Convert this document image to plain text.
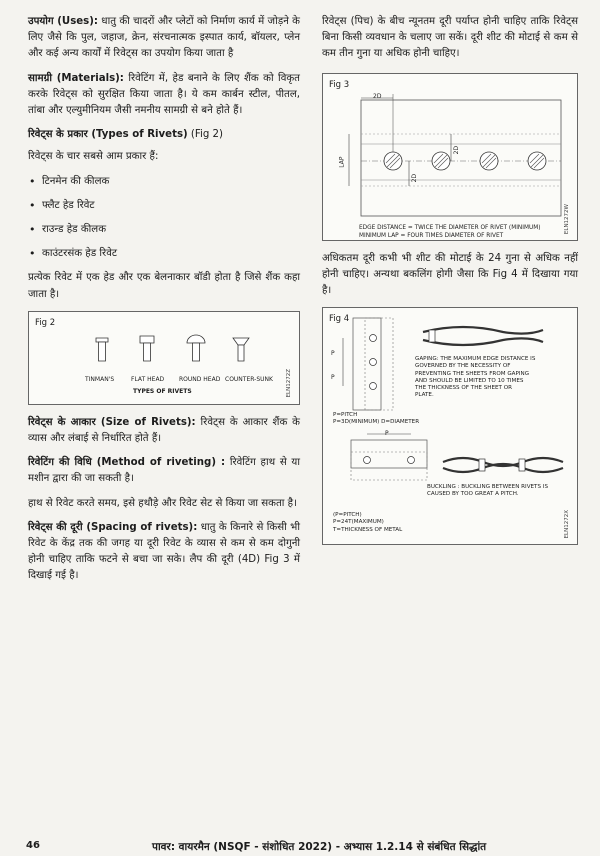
उपयोग (Uses): धातु की चादरों और प्लेटों को निर्माण कार्य में जोड़ने के लिए जैसे कि पुल, जहाज, क्रेन, संरचनात्मक इस्पात कार्य, बॉयलर, प्लेन और कई अन्य कार्यों में रिवेट्स का उपयोग किया जाता है

सामग्री (Materials): रिवेटिंग में, हेड बनाने के लिए शैंक को विकृत करके रिवेट्स को सुरक्षित किया जाता है। ये कम कार्बन स्टील, पीतल, तांबा और एल्युमीनियम जैसी नमनीय सामग्री से बने होते हैं।

रिवेट्स के प्रकार (Types of Rivets) (Fig 2)

रिवेट्स के चार सबसे आम प्रकार हैं:

• टिनमेन की कीलक
• फ्लैट हेड रिवेट
• राउन्ड हेड कीलक
• काउंटरसंक हेड रिवेट

प्रत्येक रिवेट में एक हेड और एक बेलनाकार बॉडी होता है जिसे शैंक कहा जाता है।

Fig 2
TINMAN'S	FLAT HEAD ROUND HEAD COUNTER-SUNK
TYPES OF RIVETS	ELN1272Z

रिवेट्स के आकार (Size of Rivets): रिवेट्स के आकार शैंक के व्यास और लंबाई से निर्धारित होते हैं।

रिवेटिंग की विधि (Method of riveting) : रिवेटिंग हाथ से या मशीन द्वारा की जा सकती है।

हाथ से रिवेट करते समय, इसे हथौड़े और रिवेट सेट से किया जा सकता है।

रिवेट्स की दूरी (Spacing of rivets): धातु के किनारे से किसी भी रिवेट के केंद्र तक की जगह या दूरी रिवेट के व्यास से कम से कम दोगुनी होनी चाहिए ताकि फटने से बचा जा सके। लैप की दूरी (4D) Fig 3 में दिखाई गई है।

रिवेट्स (पिच) के बीच न्यूनतम दूरी पर्याप्त होनी चाहिए ताकि रिवेट्स बिना किसी व्यवधान के चलाए जा सकें। दूरी शीट की मोटाई से कम से कम तीन गुना या अधिक होनी चाहिए।

Fig 3
2D
2D
2D
LAP
EDGE DISTANCE = TWICE THE DIAMETER OF RIVET (MINIMUM)
MINIMUM LAP = FOUR TIMES DIAMETER OF RIVET
ELN1272W

अधिकतम दूरी कभी भी शीट की मोटाई के 24 गुना से अधिक नहीं होनी चाहिए। अन्यथा बकलिंग होगी जैसा कि Fig 4 में दिखाया गया है।

Fig 4
P
P
GAPING: THE MAXIMUM EDGE DISTANCE IS
GOVERNED BY THE NECESSITY OF
PREVENTING THE SHEETS FROM GAPING
AND SHOULD BE LIMITED TO 10 TIMES
THE THICKNESS OF THE SHEET OR
PLATE.
P=PITCH
P=3D(MINIMUM) D=DIAMETER
P
BUCKLING : BUCKLING BETWEEN RIVETS IS
CAUSED BY TOO GREAT A PITCH.
(P=PITCH)
P=24T(MAXIMUM)
T=THICKNESS OF METAL	ELN1272X
46	पावर: वायरमैन (NSQF - संशोधित 2022) - अभ्यास 1.2.14 से संबंधित सिद्धांत
